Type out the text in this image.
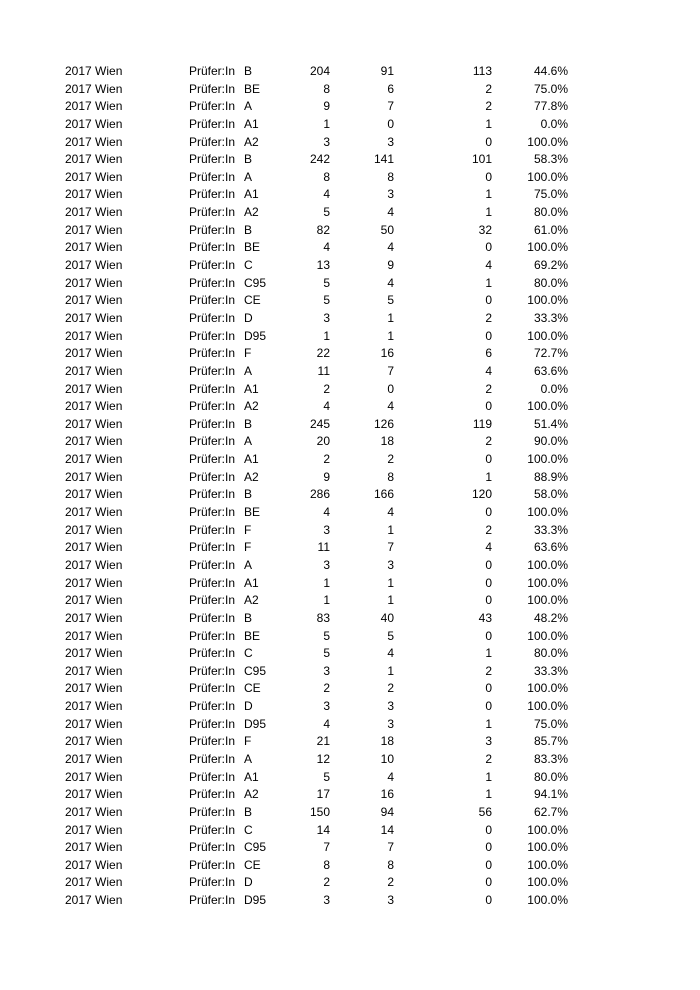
2017 Wien	Prüfer:In B	204	91	113	44.6%
2017 Wien	Prüfer:In BE	8	6	2	75.0%
2017 Wien	Prüfer:In A	9	7	2	77.8%
2017 Wien	Prüfer:In A1	1	0	1	0.0%
2017 Wien	Prüfer:In A2	3	3	0	100.0%
2017 Wien	Prüfer:In B	242	141	101	58.3%
2017 Wien	Prüfer:In A	8	8	0	100.0%
2017 Wien	Prüfer:In A1	4	3	1	75.0%
2017 Wien	Prüfer:In A2	5	4	1	80.0%
2017 Wien	Prüfer:In B	82	50	32	61.0%
2017 Wien	Prüfer:In BE	4	4	0	100.0%
2017 Wien	Prüfer:In C	13	9	4	69.2%
2017 Wien	Prüfer:In C95	5	4	1	80.0%
2017 Wien	Prüfer:In CE	5	5	0	100.0%
2017 Wien	Prüfer:In D	3	1	2	33.3%
2017 Wien	Prüfer:In D95	1	1	0	100.0%
2017 Wien	Prüfer:In F	22	16	6	72.7%
2017 Wien	Prüfer:In A	11	7	4	63.6%
2017 Wien	Prüfer:In A1	2	0	2	0.0%
2017 Wien	Prüfer:In A2	4	4	0	100.0%
2017 Wien	Prüfer:In B	245	126	119	51.4%
2017 Wien	Prüfer:In A	20	18	2	90.0%
2017 Wien	Prüfer:In A1	2	2	0	100.0%
2017 Wien	Prüfer:In A2	9	8	1	88.9%
2017 Wien	Prüfer:In B	286	166	120	58.0%
2017 Wien	Prüfer:In BE	4	4	0	100.0%
2017 Wien	Prüfer:In F	3	1	2	33.3%
2017 Wien	Prüfer:In F	11	7	4	63.6%
2017 Wien	Prüfer:In A	3	3	0	100.0%
2017 Wien	Prüfer:In A1	1	1	0	100.0%
2017 Wien	Prüfer:In A2	1	1	0	100.0%
2017 Wien	Prüfer:In B	83	40	43	48.2%
2017 Wien	Prüfer:In BE	5	5	0	100.0%
2017 Wien	Prüfer:In C	5	4	1	80.0%
2017 Wien	Prüfer:In C95	3	1	2	33.3%
2017 Wien	Prüfer:In CE	2	2	0	100.0%
2017 Wien	Prüfer:In D	3	3	0	100.0%
2017 Wien	Prüfer:In D95	4	3	1	75.0%
2017 Wien	Prüfer:In F	21	18	3	85.7%
2017 Wien	Prüfer:In A	12	10	2	83.3%
2017 Wien	Prüfer:In A1	5	4	1	80.0%
2017 Wien	Prüfer:In A2	17	16	1	94.1%
2017 Wien	Prüfer:In B	150	94	56	62.7%
2017 Wien	Prüfer:In C	14	14	0	100.0%
2017 Wien	Prüfer:In C95	7	7	0	100.0%
2017 Wien	Prüfer:In CE	8	8	0	100.0%
2017 Wien	Prüfer:In D	2	2	0	100.0%
2017 Wien	Prüfer:In D95	3	3	0	100.0%
